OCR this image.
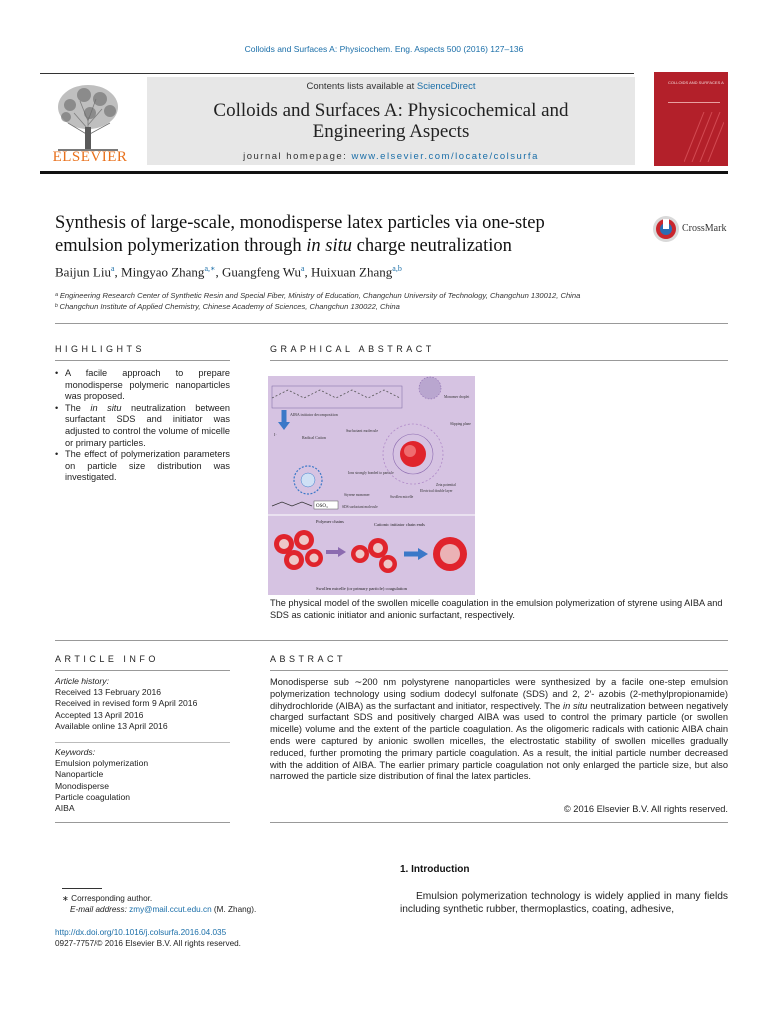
Colloids and Surfaces A: Physicochem. Eng. Aspects 500 (2016) 127–136
ELSEVIER
Contents lists available at ScienceDirect
Colloids and Surfaces A: Physicochemical and
Engineering Aspects
journal homepage: www.elsevier.com/locate/colsurfa
COLLOIDS AND SURFACES A
Synthesis of large-scale, monodisperse latex particles via one-step
emulsion polymerization through in situ charge neutralization
CrossMark
Baijun Liu$^a$, Mingyao Zhang$^{a,∗}$, Guangfeng Wu$^a$, Huixuan Zhang$^{a,b}$
ᵃ Engineering Research Center of Synthetic Resin and Special Fiber, Ministry of Education, Changchun University of Technology, Changchun 130012, China
ᵇ Changchun Institute of Applied Chemistry, Chinese Academy of Sciences, Changchun 130022, China
HIGHLIGHTS
• A facile approach to prepare monodisperse polymeric nanoparticles was proposed.
• The in situ neutralization between surfactant SDS and initiator was adjusted to control the volume of micelle or primary particles.
• The effect of polymerization parameters on particle size distribution was investigated.
GRAPHICAL ABSTRACT
AIBA initiator decomposition
I·
Radical Cation
Surfactant molecule
Monomer droplet
Slipping plane
Ions strongly bonded to particle
Zeta potential
Electrical double layer
Styrene monomer	Swollen micelle
OSO₃	SDS surfactant molecule
Polymer chains
Cationic initiator chain ends
Swollen micelle (or primary particle) coagulation
The physical model of the swollen micelle coagulation in the emulsion polymerization of styrene using AIBA and SDS as cationic initiator and anionic surfactant, respectively.
ARTICLE INFO
Article history:
Received 13 February 2016
Received in revised form 9 April 2016
Accepted 13 April 2016
Available online 13 April 2016
Keywords:
Emulsion polymerization
Nanoparticle
Monodisperse
Particle coagulation
AIBA
ABSTRACT
Monodisperse sub ∼200 nm polystyrene nanoparticles were synthesized by a facile one-step emulsion polymerization technology using sodium dodecyl sulfonate (SDS) and 2, 2′- azobis (2-methylpropionamide) dihydrochloride (AIBA) as the surfactant and initiator, respectively. The in situ neutralization between negatively charged surfactant SDS and positively charged AIBA was used to control the primary particle (or swollen micelle) volume and the extent of the particle coagulation. As the oligomeric radicals with cationic AIBA chain ends were captured by anionic swollen micelles, the electrostatic stability of swollen micelles gradually reduced, further promoting the primary particle coagulation. As a result, the initial particle number decreased with the addition of AIBA. The earlier primary particle coagulation not only enlarged the particle size, but also narrowed the particle size distribution of final the latex particles.
© 2016 Elsevier B.V. All rights reserved.
1. Introduction
Emulsion polymerization technology is widely applied in many fields including synthetic rubber, thermoplastics, coating, adhesive,
∗ Corresponding author.
E-mail address: zmy@mail.ccut.edu.cn (M. Zhang).
http://dx.doi.org/10.1016/j.colsurfa.2016.04.035
0927-7757/© 2016 Elsevier B.V. All rights reserved.
